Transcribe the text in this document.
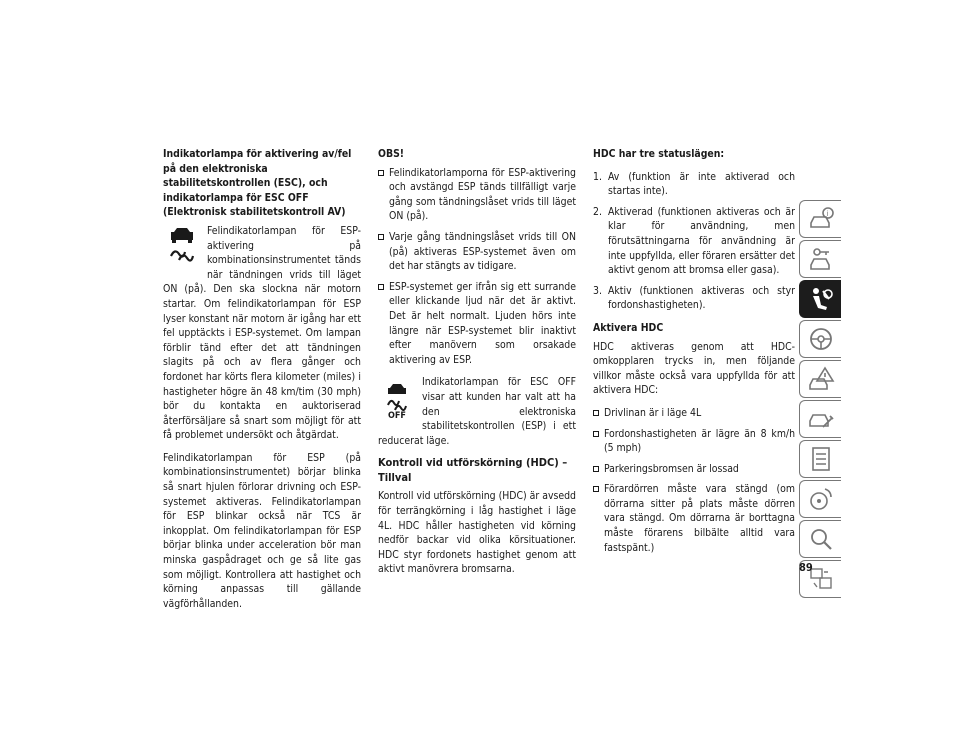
Indikatorlampa för aktivering av/fel på den elektroniska stabilitetskontrollen (ESC), och indikatorlampa för ESC OFF (Elektronisk stabilitetskontroll AV)

Felindikatorlampan för ESP-aktivering på kombinationsinstrumentet tänds när tändningen vrids till läget ON (på). Den ska slockna när motorn startar. Om felindikatorlampan för ESP lyser konstant när motorn är igång har ett fel upptäckts i ESP-systemet. Om lampan förblir tänd efter det att tändningen slagits på och av flera gånger och fordonet har körts flera kilometer (miles) i hastigheter högre än 48 km/tim (30 mph) bör du kontakta en auktoriserad återförsäljare så snart som möjligt för att få problemet undersökt och åtgärdat.

Felindikatorlampan för ESP (på kombinationsinstrumentet) börjar blinka så snart hjulen förlorar drivning och ESP-systemet aktiveras. Felindikatorlampan för ESP blinkar också när TCS är inkopplat. Om felindikatorlampan för ESP börjar blinka under acceleration bör man minska gaspådraget och ge så lite gas som möjligt. Kontrollera att hastighet och körning anpassas till gällande vägförhållanden.

OBS!
Felindikatorlamporna för ESP-aktivering och avstängd ESP tänds tillfälligt varje gång som tändningslåset vrids till läget ON (på).
Varje gång tändningslåset vrids till ON (på) aktiveras ESP-systemet även om det har stängts av tidigare.
ESP-systemet ger ifrån sig ett surrande eller klickande ljud när det är aktivt. Det är helt normalt. Ljuden hörs inte längre när ESP-systemet blir inaktivt efter manövern som orsakade aktivering av ESP.
OFF

Indikatorlampan för ESC OFF visar att kunden har valt att ha den elektroniska stabilitetskontrollen (ESP) i ett reducerat läge.

Kontroll vid utförskörning (HDC) – Tillval

Kontroll vid utförskörning (HDC) är avsedd för terrängkörning i låg hastighet i läge 4L. HDC håller hastigheten vid körning nedför backar vid olika körsituationer. HDC styr fordonets hastighet genom att aktivt manövrera bromsarna.

HDC har tre statuslägen:
1. Av (funktion är inte aktiverad och startas inte).
2. Aktiverad (funktionen aktiveras och är klar för användning, men förutsättningarna för användning är inte uppfyllda, eller föraren ersätter det aktivt genom att bromsa eller gasa).
3. Aktiv (funktionen aktiveras och styr fordonshastigheten).
Aktivera HDC

HDC aktiveras genom att HDC-omkopplaren trycks in, men följande villkor måste också vara uppfyllda för att aktivera HDC:

Drivlinan är i läge 4L
Fordonshastigheten är lägre än 8 km/h (5 mph)
Parkeringsbromsen är lossad
Förardörren måste vara stängd (om dörrarna sitter på plats måste dörren vara stängd. Om dörrarna är borttagna måste förarens bilbälte alltid vara fastspänt.)
i
89
